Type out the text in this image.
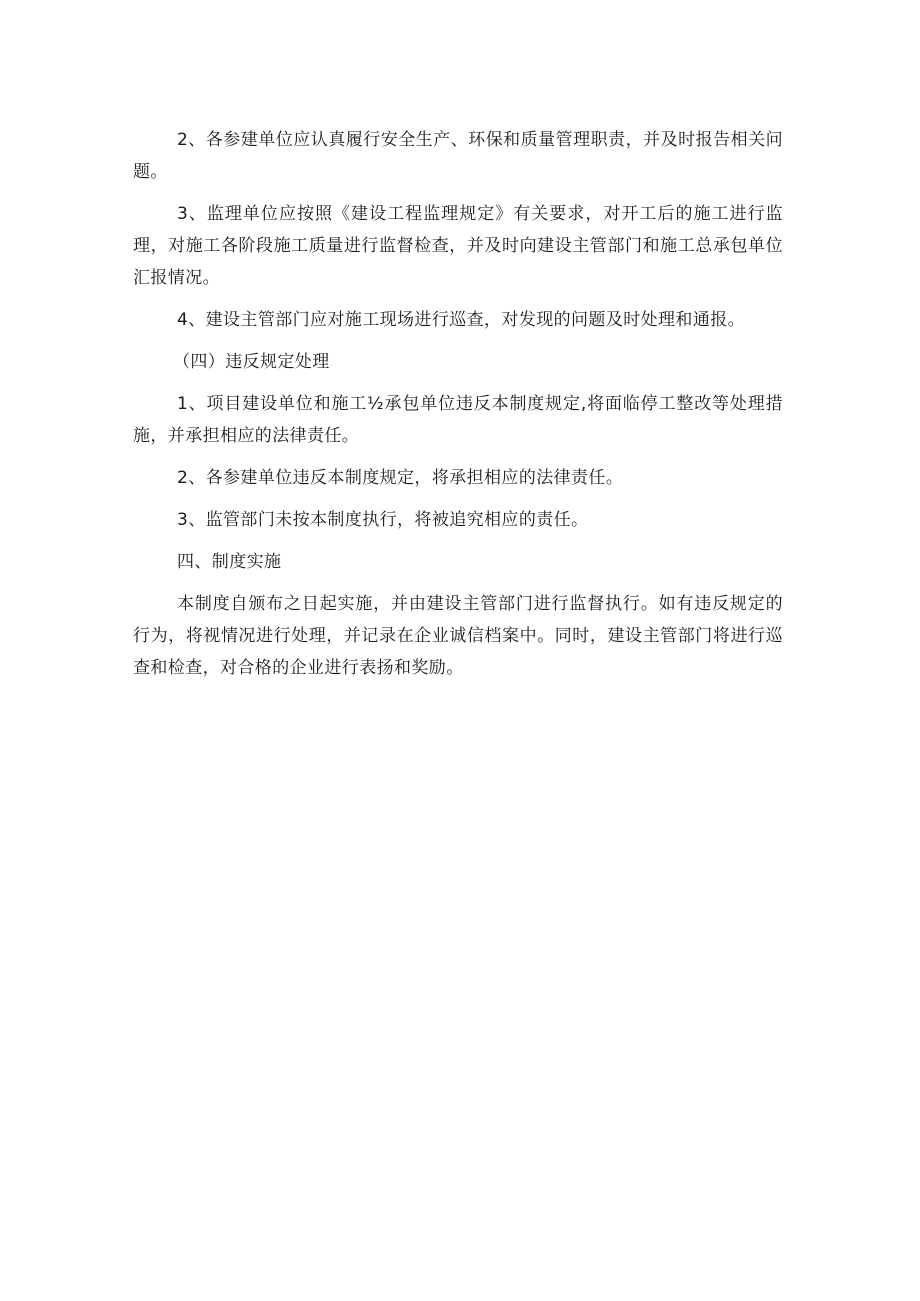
2、各参建单位应认真履行安全生产、环保和质量管理职责，并及时报告相关问题。

3、监理单位应按照《建设工程监理规定》有关要求，对开工后的施工进行监理，对施工各阶段施工质量进行监督检查，并及时向建设主管部门和施工总承包单位汇报情况。

4、建设主管部门应对施工现场进行巡查，对发现的问题及时处理和通报。

（四）违反规定处理

1、项目建设单位和施工½承包单位违反本制度规定,将面临停工整改等处理措施，并承担相应的法律责任。

2、各参建单位违反本制度规定，将承担相应的法律责任。

3、监管部门未按本制度执行，将被追究相应的责任。

四、制度实施

本制度自颁布之日起实施，并由建设主管部门进行监督执行。如有违反规定的行为，将视情况进行处理，并记录在企业诚信档案中。同时，建设主管部门将进行巡查和检查，对合格的企业进行表扬和奖励。
